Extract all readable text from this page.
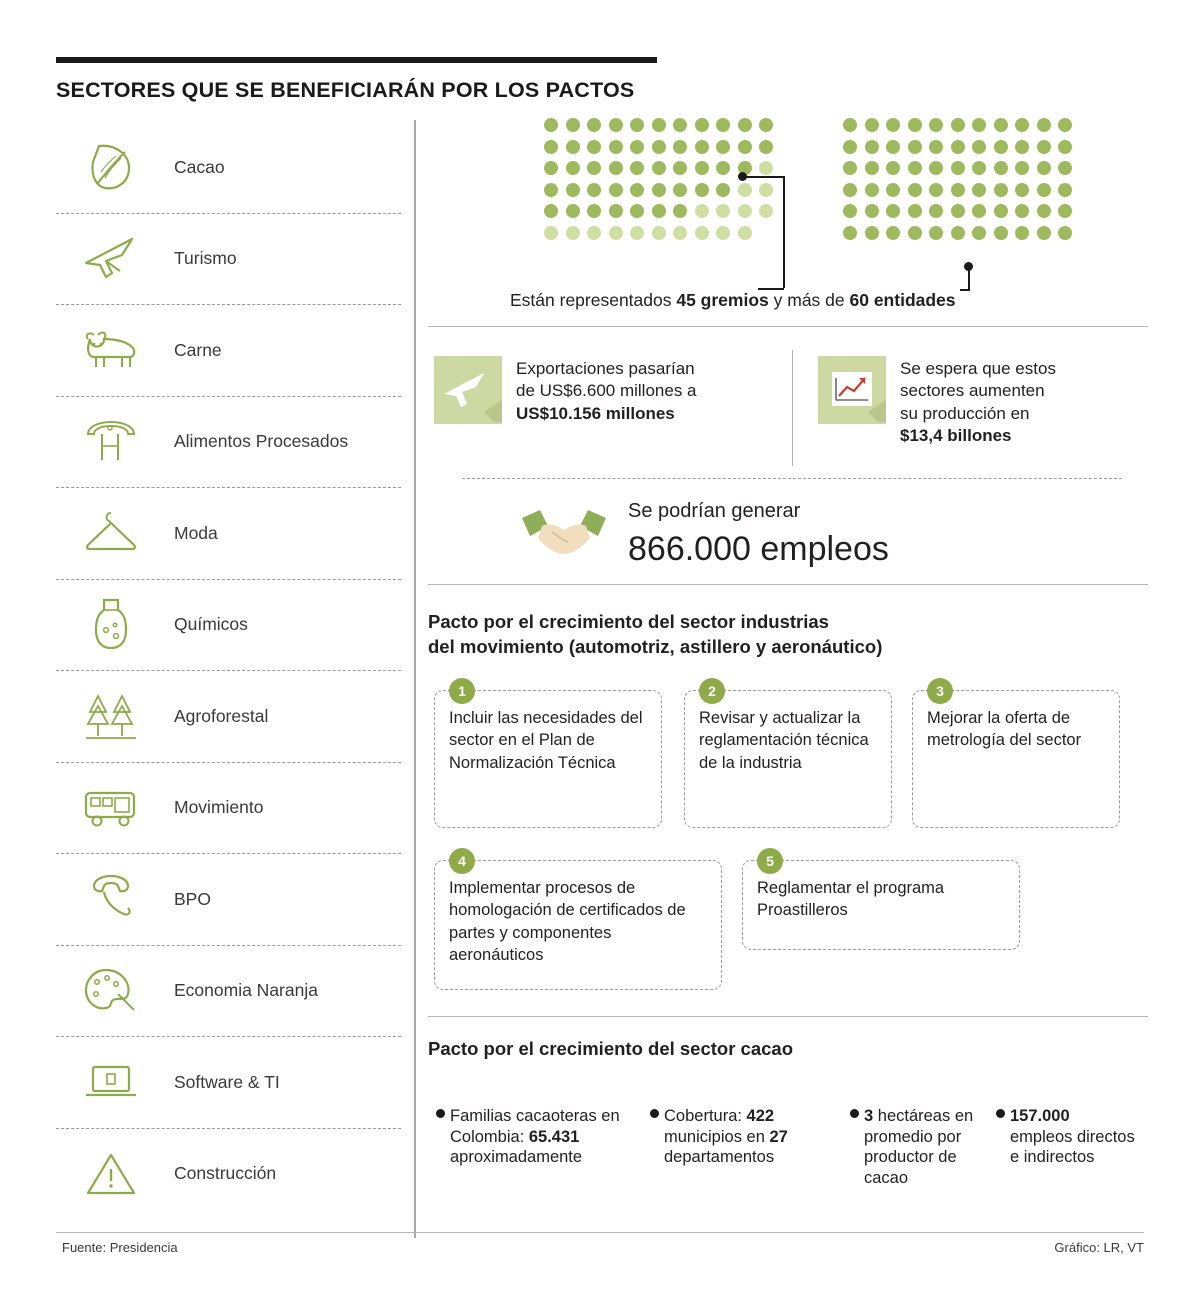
SECTORES QUE SE BENEFICIARÁN POR LOS PACTOS
Cacao
Turismo
Carne
Alimentos Procesados
Moda
Químicos
Agroforestal
Movimiento
BPO
Economia Naranja
Software & TI
Construcción
Están representados 45 gremios y más de 60 entidades
Exportaciones pasarían
de US$6.600 millones a
US$10.156 millones
Se espera que estos
sectores aumenten
su producción en
$13,4 billones
Se podrían generar
866.000 empleos
Pacto por el crecimiento del sector industrias
del movimiento (automotriz, astillero y aeronáutico)
1
Incluir las necesidades del sector en el Plan de Normalización Técnica
2
Revisar y actualizar la reglamentación técnica de la industria
3
Mejorar la oferta de metrología del sector
4
Implementar procesos de homologación de certificados de partes y componentes aeronáuticos
5
Reglamentar el programa Proastilleros
Pacto por el crecimiento del sector cacao
Familias cacaoteras en Colombia: 65.431 aproximadamente
Cobertura: 422 municipios en 27 departamentos
3 hectáreas en promedio por productor de cacao
157.000 empleos directos e indirectos
Fuente: Presidencia	Gráfico: LR, VT
